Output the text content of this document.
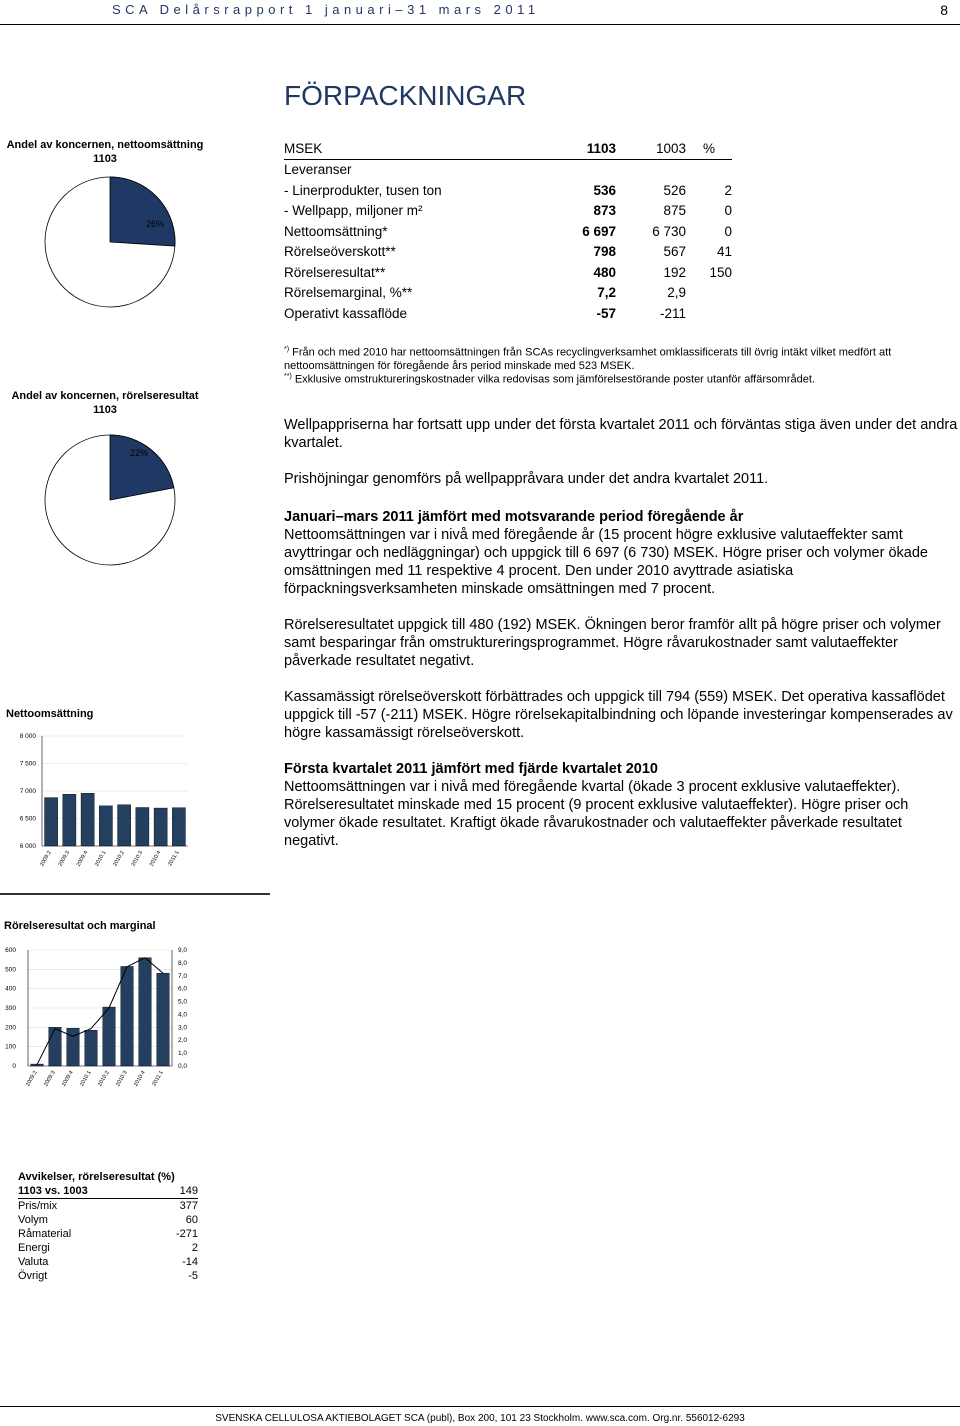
SCA Delårsrapport 1 januari–31 mars 2011	8
FÖRPACKNINGAR
Andel av koncernen, nettoomsättning
1103
26%
Andel av koncernen, rörelseresultat
1103
22%
MSEK	1103	1003	%
Leveranser			
- Linerprodukter, tusen ton	536	526	2
- Wellpapp, miljoner m²	873	875	0
Nettoomsättning*	6 697	6 730	0
Rörelseöverskott**	798	567	41
Rörelseresultat**	480	192	150
Rörelsemarginal, %**	7,2	2,9	
Operativt kassaflöde	-57	-211	
*) Från och med 2010 har nettoomsättningen från SCAs recyclingverksamhet omklassificerats till övrig intäkt vilket medfört att nettoomsättningen för föregående års period minskade med 523 MSEK.
**) Exklusive omstruktureringskostnader vilka redovisas som jämförelsestörande poster utanför affärsområdet.

Wellpappriserna har fortsatt upp under det första kvartalet 2011 och förväntas stiga även under det andra kvartalet.

Prishöjningar genomförs på wellpappråvara under det andra kvartalet 2011.

Januari–mars 2011 jämfört med motsvarande period föregående år

Nettoomsättningen var i nivå med föregående år (15 procent högre exklusive valutaeffekter samt avyttringar och nedläggningar) och uppgick till 6 697 (6 730) MSEK. Högre priser och volymer ökade omsättningen med 11 respektive 4 procent. Den under 2010 avyttrade asiatiska förpackningsverksamheten minskade omsättningen med 7 procent.

Rörelseresultatet uppgick till 480 (192) MSEK. Ökningen beror framför allt på högre priser och volymer samt besparingar från omstruktureringsprogrammet. Högre råvarukostnader samt valutaeffekter påverkade resultatet negativt.

Kassamässigt rörelseöverskott förbättrades och uppgick till 794 (559) MSEK. Det operativa kassaflödet uppgick till -57 (-211) MSEK. Högre rörelsekapitalbindning och löpande investeringar kompenserades av högre kassamässigt rörelseöverskott.

Första kvartalet 2011 jämfört med fjärde kvartalet 2010

Nettoomsättningen var i nivå med föregående kvartal (ökade 3 procent exklusive valutaeffekter). Rörelseresultatet minskade med 15 procent (9 procent exklusive valutaeffekter). Högre priser och volymer ökade resultatet. Kraftigt ökade råvarukostnader och valutaeffekter påverkade resultatet negativt.

Nettoomsättning
6 000
6 500
7 000
7 500
8 000
2009:2 2009:3 2009:4 2010:1 2010:2 2010:3 2010:4 2011:1
Rörelseresultat och marginal
0
100
200
300
400
500
600
0,0
1,0
2,0
3,0
4,0
5,0
6,0
7,0
8,0
9,0
2009:2 2009:3 2009:4 2010:1 2010:2 2010:3 2010:4 2011:1
Avvikelser, rörelseresultat (%)	
1103 vs. 1003	149
Pris/mix	377
Volym	60
Råmaterial	-271
Energi	2
Valuta	-14
Övrigt	-5
SVENSKA CELLULOSA AKTIEBOLAGET SCA (publ), Box 200, 101 23 Stockholm. www.sca.com. Org.nr. 556012-6293
